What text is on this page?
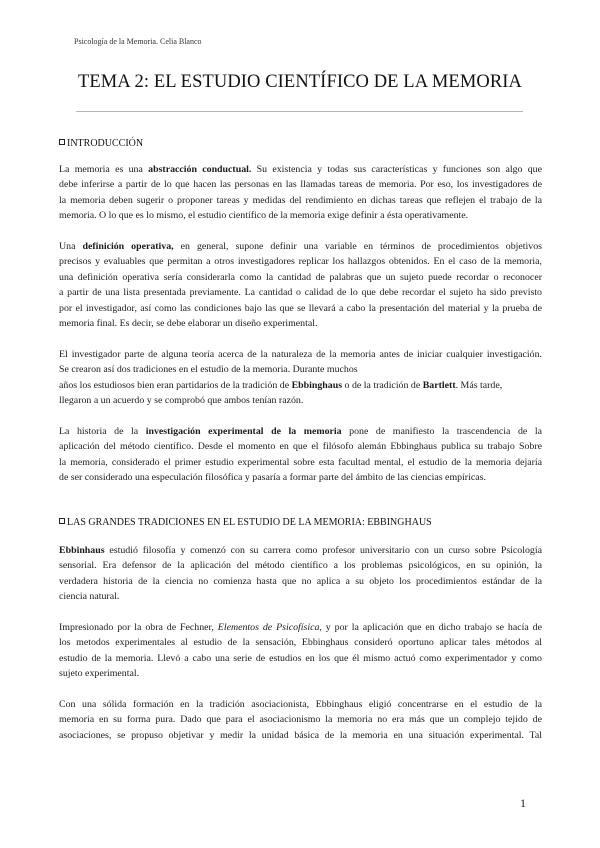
Psicología de la Memoria. Celia Blanco
TEMA 2: EL ESTUDIO CIENTÍFICO DE LA MEMORIA
INTRODUCCIÓN

La memoria es una abstracción conductual. Su existencia y todas sus características y funciones son algo que

debe inferirse a partir de lo que hacen las personas en las llamadas tareas de memoria. Por eso, los investigadores de

la memoria deben sugerir o proponer tareas y medidas del rendimiento en dichas tareas que reflejen el trabajo de la

memoria. O lo que es lo mismo, el estudio científico de la memoria exige definir a ésta operativamente.

Una definición operativa, en general, supone definir una variable en términos de procedimientos objetivos

precisos y evaluables que permitan a otros investigadores replicar los hallazgos obtenidos. En el caso de la memoria,

una definición operativa sería considerarla como la cantidad de palabras que un sujeto puede recordar o reconocer

a partir de una lista presentada previamente. La cantidad o calidad de lo que debe recordar el sujeto ha sido previsto

por el investigador, así como las condiciones bajo las que se llevará a cabo la presentación del material y la prueba de

memoria final. Es decir, se debe elaborar un diseño experimental.

El investigador parte de alguna teoría acerca de la naturaleza de la memoria antes de iniciar cualquier investigación.

Se crearon así dos tradiciones en el estudio de la memoria. Durante muchos

años los estudiosos bien eran partidarios de la tradición de Ebbinghaus o de la tradición de Bartlett. Más tarde,

llegaron a un acuerdo y se comprobó que ambos tenían razón.

La historia de la investigación experimental de la memoria pone de manifiesto la trascendencia de la

aplicación del método científico. Desde el momento en que el filósofo alemán Ebbinghaus publica su trabajo Sobre

la memoria, considerado el primer estudio experimental sobre esta facultad mental, el estudio de la memoria dejaría

de ser considerado una especulación filosófica y pasaría a formar parte del ámbito de las ciencias empíricas.

LAS GRANDES TRADICIONES EN EL ESTUDIO DE LA MEMORIA: EBBINGHAUS

Ebbinhaus estudió filosofía y comenzó con su carrera como profesor universitario con un curso sobre Psicología

sensorial. Era defensor de la aplicación del método científico a los problemas psicológicos, en su opinión, la

verdadera historia de la ciencia no comienza hasta que no aplica a su objeto los procedimientos estándar de la

ciencia natural.

Impresionado por la obra de Fechner, Elementos de Psicofísica, y por la aplicación que en dicho trabajo se hacía de

los metodos experimentales al estudio de la sensación, Ebbinghaus consideró oportuno aplicar tales métodos al

estudio de la memoria. Llevó a cabo una serie de estudios en los que él mismo actuó como experimentador y como

sujeto experimental.

Con una sólida formación en la tradición asociacionista, Ebbinghaus eligió concentrarse en el estudio de la

memoria en su forma pura. Dado que para el asociacionismo la memoria no era más que un complejo tejido de

asociaciones, se propuso objetivar y medir la unidad básica de la memoria en una situación experimental. Tal

1
